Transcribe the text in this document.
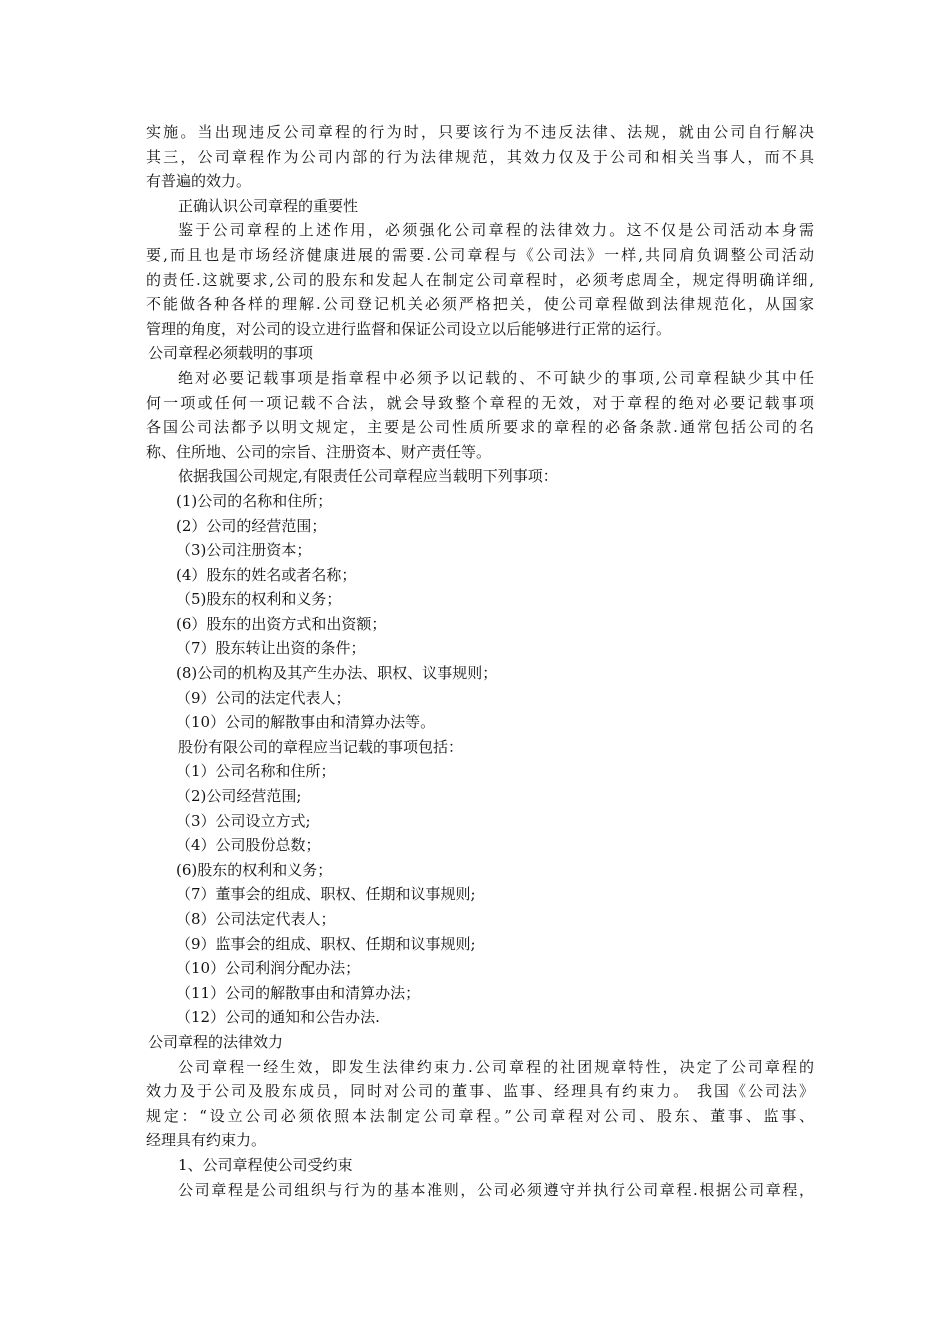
实施。当出现违反公司章程的行为时，只要该行为不违反法律、法规，就由公司自行解决
其三，公司章程作为公司内部的行为法律规范，其效力仅及于公司和相关当事人，而不具
有普遍的效力。
正确认识公司章程的重要性
鉴于公司章程的上述作用，必须强化公司章程的法律效力。这不仅是公司活动本身需
要,而且也是市场经济健康进展的需要.公司章程与《公司法》一样,共同肩负调整公司活动
的责任.这就要求,公司的股东和发起人在制定公司章程时，必须考虑周全，规定得明确详细,
不能做各种各样的理解.公司登记机关必须严格把关，使公司章程做到法律规范化，从国家
管理的角度，对公司的设立进行监督和保证公司设立以后能够进行正常的运行。
公司章程必须载明的事项
绝对必要记载事项是指章程中必须予以记载的、不可缺少的事项,公司章程缺少其中任
何一项或任何一项记载不合法，就会导致整个章程的无效，对于章程的绝对必要记载事项
各国公司法都予以明文规定，主要是公司性质所要求的章程的必备条款.通常包括公司的名
称、住所地、公司的宗旨、注册资本、财产责任等。
依据我国公司规定,有限责任公司章程应当载明下列事项：
(1)公司的名称和住所；
(2）公司的经营范围；
（3)公司注册资本；
(4）股东的姓名或者名称；
（5)股东的权利和义务；
(6）股东的出资方式和出资额；
（7）股东转让出资的条件；
(8)公司的机构及其产生办法、职权、议事规则；
（9）公司的法定代表人；
（10）公司的解散事由和清算办法等。
股份有限公司的章程应当记载的事项包括：
（1）公司名称和住所；
（2)公司经营范围;
（3）公司设立方式;
（4）公司股份总数；
(6)股东的权利和义务；
（7）董事会的组成、职权、任期和议事规则;
（8）公司法定代表人；
（9）监事会的组成、职权、任期和议事规则;
（10）公司利润分配办法；
（11）公司的解散事由和清算办法；
（12）公司的通知和公告办法.
公司章程的法律效力
公司章程一经生效，即发生法律约束力.公司章程的社团规章特性，决定了公司章程的
效力及于公司及股东成员，同时对公司的董事、监事、经理具有约束力。 我国《公司法》
规定：“设立公司必须依照本法制定公司章程。”公司章程对公司、股东、董事、监事、
经理具有约束力。
1、公司章程使公司受约束
公司章程是公司组织与行为的基本准则，公司必须遵守并执行公司章程.根据公司章程，
